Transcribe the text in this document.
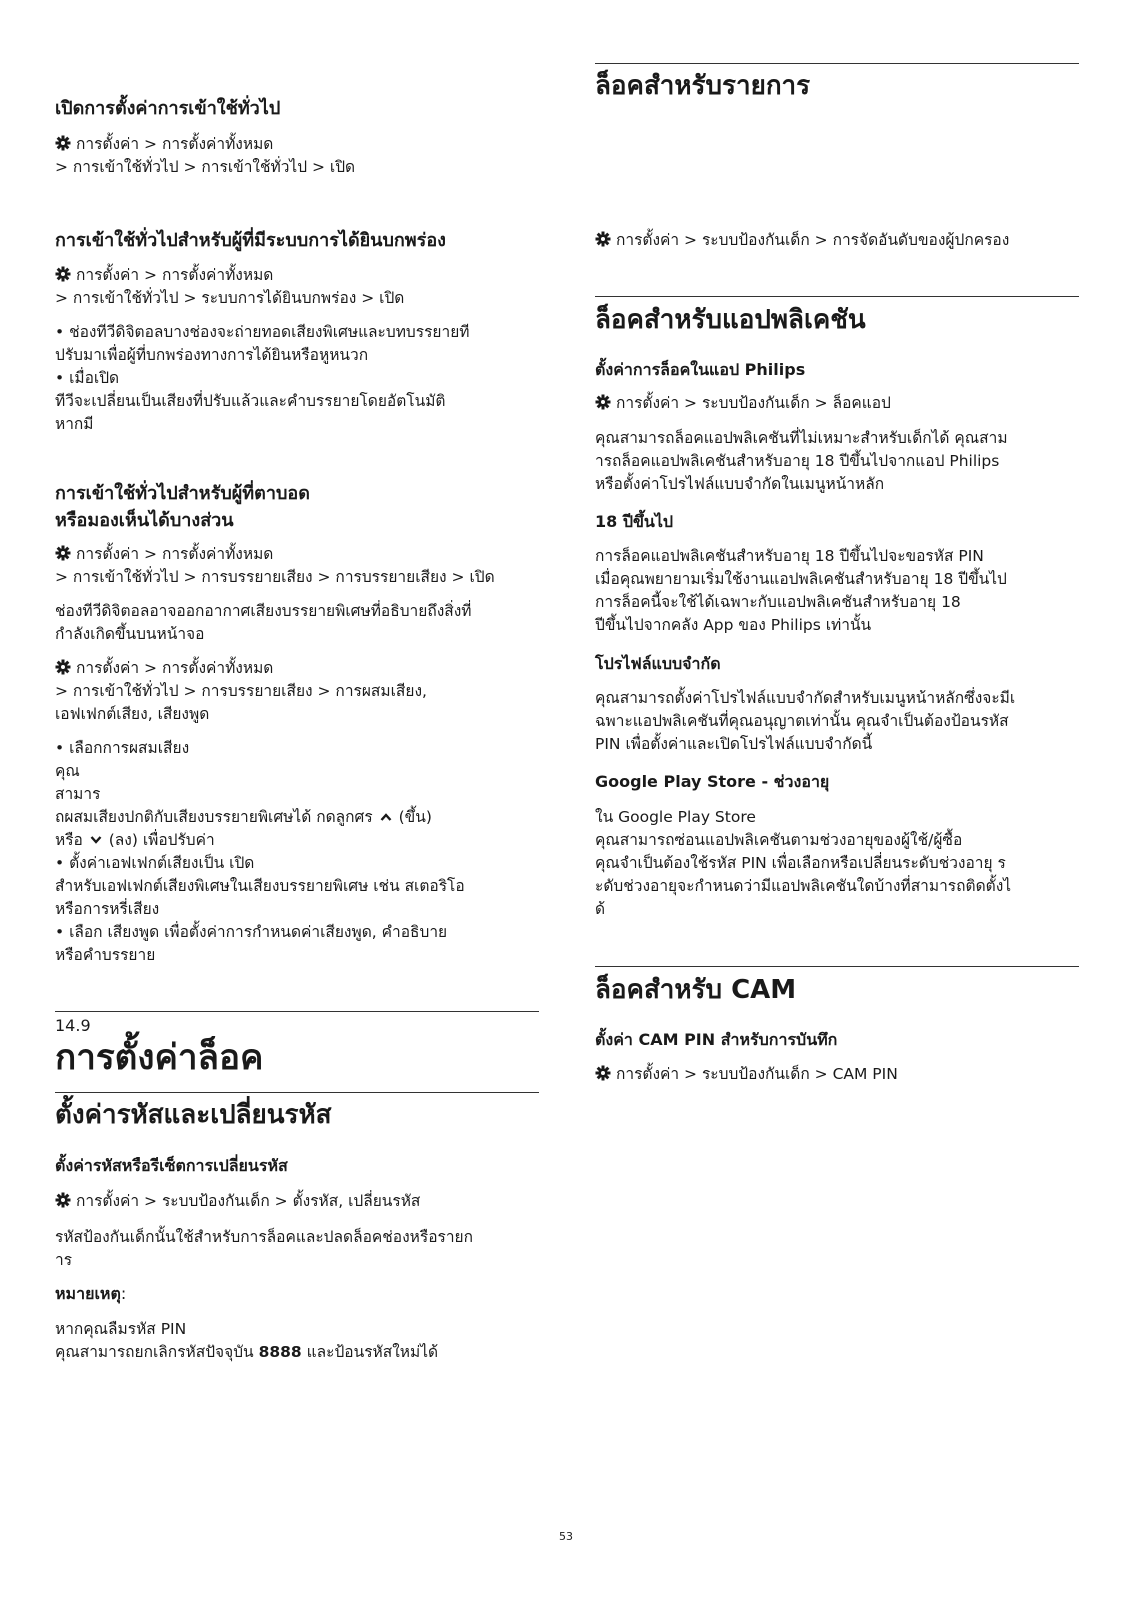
เปิดการตั้งค่าการเข้าใช้ทั่วไป
การตั้งค่า > การตั้งค่าทั้งหมด
> การเข้าใช้ทั่วไป > การเข้าใช้ทั่วไป > เปิด
การเข้าใช้ทั่วไปสำหรับผู้ที่มีระบบการได้ยินบกพร่อง
การตั้งค่า > การตั้งค่าทั้งหมด
> การเข้าใช้ทั่วไป > ระบบการได้ยินบกพร่อง > เปิด
• ช่องทีวีดิจิตอลบางช่องจะถ่ายทอดเสียงพิเศษและบทบรรยายที
ปรับมาเพื่อผู้ที่บกพร่องทางการได้ยินหรือหูหนวก
• เมื่อเปิด
ทีวีจะเปลี่ยนเป็นเสียงที่ปรับแล้วและคำบรรยายโดยอัตโนมัติ
หากมี
การเข้าใช้ทั่วไปสำหรับผู้ที่ตาบอด
หรือมองเห็นได้บางส่วน
การตั้งค่า > การตั้งค่าทั้งหมด
> การเข้าใช้ทั่วไป > การบรรยายเสียง > การบรรยายเสียง > เปิด
ช่องทีวีดิจิตอลอาจออกอากาศเสียงบรรยายพิเศษที่อธิบายถึงสิ่งที่
กำลังเกิดขึ้นบนหน้าจอ
การตั้งค่า > การตั้งค่าทั้งหมด
> การเข้าใช้ทั่วไป > การบรรยายเสียง > การผสมเสียง,
เอฟเฟกต์เสียง, เสียงพูด
• เลือกการผสมเสียง
คุณ
สามาร
ถผสมเสียงปกติกับเสียงบรรยายพิเศษได้ กดลูกศร (ขึ้น)
หรือ (ลง) เพื่อปรับค่า
• ตั้งค่าเอฟเฟกต์เสียงเป็น เปิด
สำหรับเอฟเฟกต์เสียงพิเศษในเสียงบรรยายพิเศษ เช่น สเตอริโอ
หรือการหรี่เสียง
• เลือก เสียงพูด เพื่อตั้งค่าการกำหนดค่าเสียงพูด, คำอธิบาย
หรือคำบรรยาย
14.9
การตั้งค่าล็อค
ตั้งค่ารหัสและเปลี่ยนรหัส
ตั้งค่ารหัสหรือรีเซ็ตการเปลี่ยนรหัส
การตั้งค่า > ระบบป้องกันเด็ก > ตั้งรหัส, เปลี่ยนรหัส
รหัสป้องกันเด็กนั้นใช้สำหรับการล็อคและปลดล็อคช่องหรือรายก
าร
หมายเหตุ:
หากคุณลืมรหัส PIN
คุณสามารถยกเลิกรหัสปัจจุบัน 8888 และป้อนรหัสใหม่ได้
ล็อคสำหรับรายการ
การตั้งค่า > ระบบป้องกันเด็ก > การจัดอันดับของผู้ปกครอง
ล็อคสำหรับแอปพลิเคชัน
ตั้งค่าการล็อคในแอป Philips
การตั้งค่า > ระบบป้องกันเด็ก > ล็อคแอป
คุณสามารถล็อคแอปพลิเคชันที่ไม่เหมาะสำหรับเด็กได้ คุณสาม
ารถล็อคแอปพลิเคชันสำหรับอายุ 18 ปีขึ้นไปจากแอป Philips
หรือตั้งค่าโปรไฟล์แบบจำกัดในเมนูหน้าหลัก
18 ปีขึ้นไป
การล็อคแอปพลิเคชันสำหรับอายุ 18 ปีขึ้นไปจะขอรหัส PIN
เมื่อคุณพยายามเริ่มใช้งานแอปพลิเคชันสำหรับอายุ 18 ปีขึ้นไป
การล็อคนี้จะใช้ได้เฉพาะกับแอปพลิเคชันสำหรับอายุ 18
ปีขึ้นไปจากคลัง App ของ Philips เท่านั้น
โปรไฟล์แบบจำกัด
คุณสามารถตั้งค่าโปรไฟล์แบบจำกัดสำหรับเมนูหน้าหลักซึ่งจะมีเ
ฉพาะแอปพลิเคชันที่คุณอนุญาตเท่านั้น คุณจำเป็นต้องป้อนรหัส
PIN เพื่อตั้งค่าและเปิดโปรไฟล์แบบจำกัดนี้
Google Play Store - ช่วงอายุ
ใน Google Play Store
คุณสามารถซ่อนแอปพลิเคชันตามช่วงอายุของผู้ใช้/ผู้ซื้อ
คุณจำเป็นต้องใช้รหัส PIN เพื่อเลือกหรือเปลี่ยนระดับช่วงอายุ ร
ะดับช่วงอายุจะกำหนดว่ามีแอปพลิเคชันใดบ้างที่สามารถติดตั้งไ
ด้
ล็อคสำหรับ CAM
ตั้งค่า CAM PIN สำหรับการบันทึก
การตั้งค่า > ระบบป้องกันเด็ก > CAM PIN
53
